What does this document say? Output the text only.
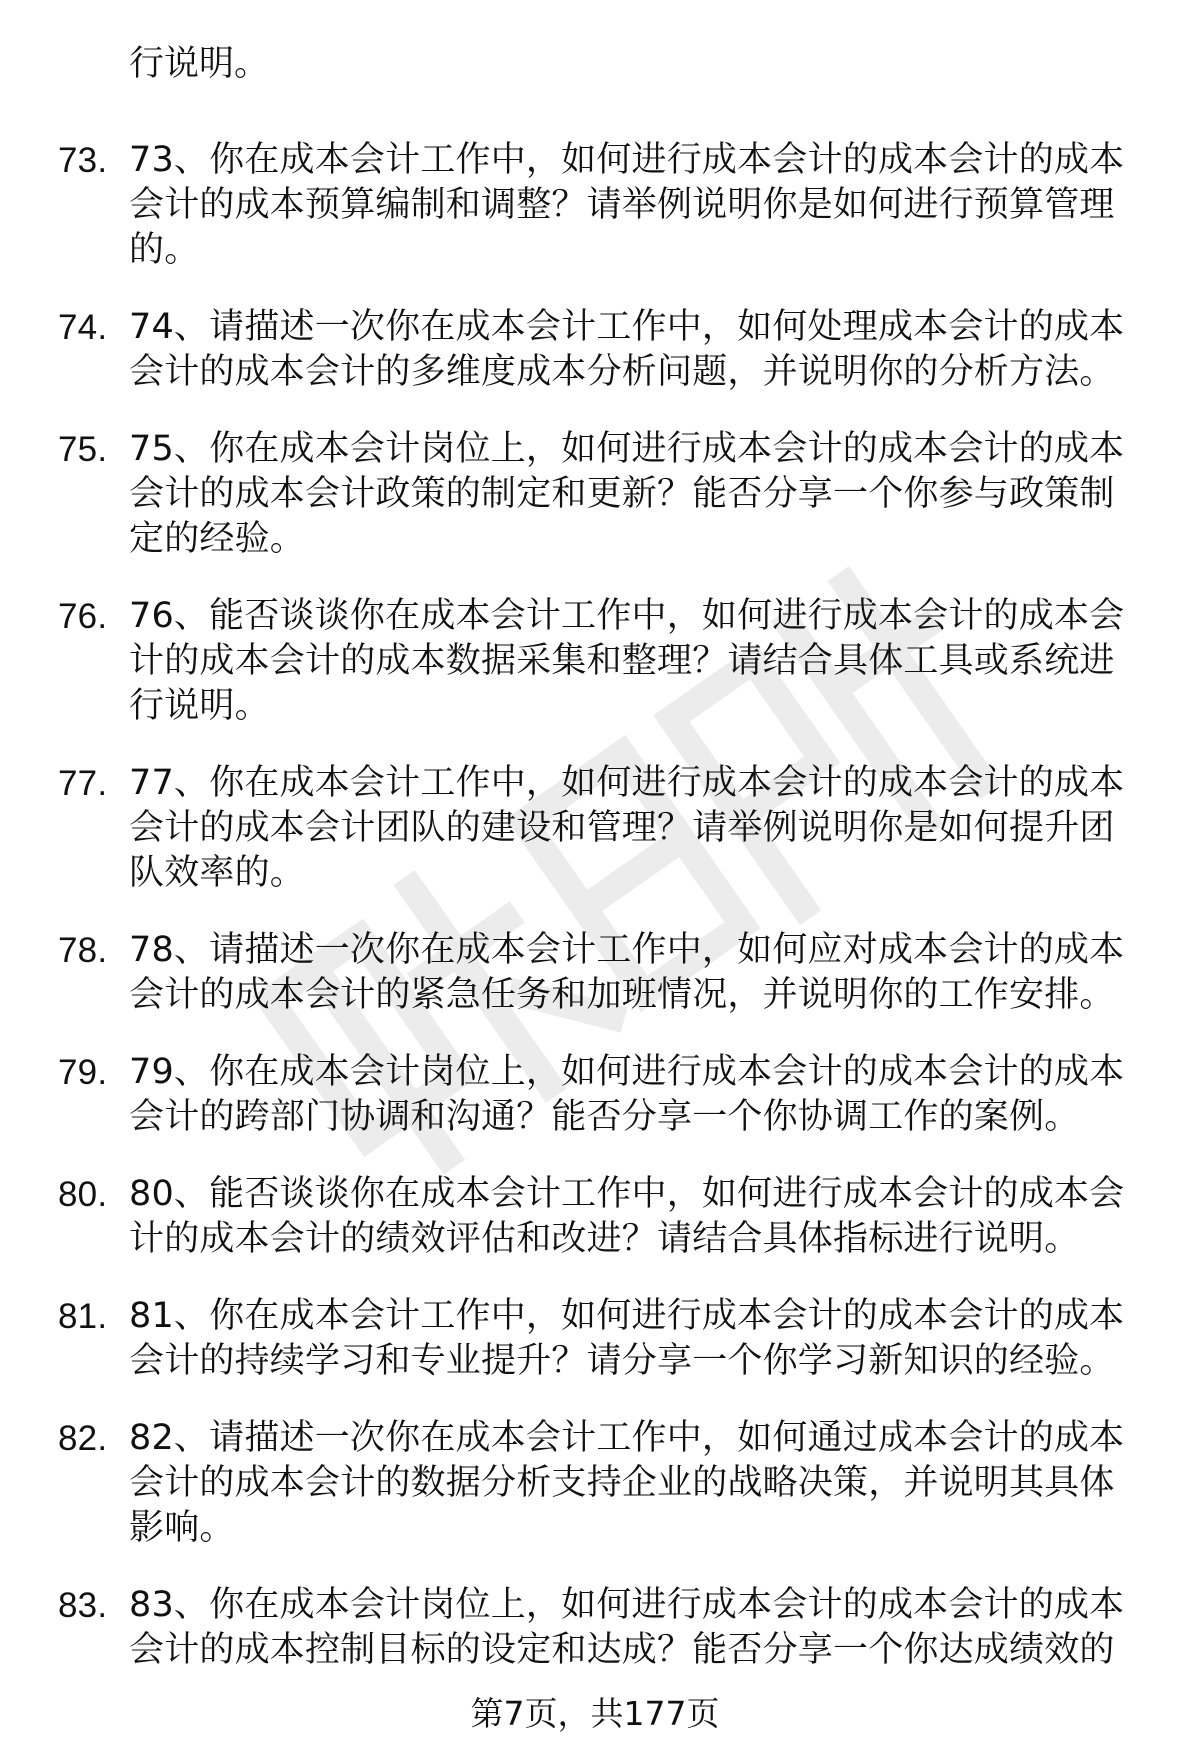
行说明。

73. 73、你在成本会计工作中，如何进行成本会计的成本会计的成本会计的成本预算编制和调整？请举例说明你是如何进行预算管理的。
74. 74、请描述一次你在成本会计工作中，如何处理成本会计的成本会计的成本会计的多维度成本分析问题，并说明你的分析方法。
75. 75、你在成本会计岗位上，如何进行成本会计的成本会计的成本会计的成本会计政策的制定和更新？能否分享一个你参与政策制定的经验。
76. 76、能否谈谈你在成本会计工作中，如何进行成本会计的成本会计的成本会计的成本数据采集和整理？请结合具体工具或系统进行说明。
77. 77、你在成本会计工作中，如何进行成本会计的成本会计的成本会计的成本会计团队的建设和管理？请举例说明你是如何提升团队效率的。
78. 78、请描述一次你在成本会计工作中，如何应对成本会计的成本会计的成本会计的紧急任务和加班情况，并说明你的工作安排。
79. 79、你在成本会计岗位上，如何进行成本会计的成本会计的成本会计的跨部门协调和沟通？能否分享一个你协调工作的案例。
80. 80、能否谈谈你在成本会计工作中，如何进行成本会计的成本会计的成本会计的绩效评估和改进？请结合具体指标进行说明。
81. 81、你在成本会计工作中，如何进行成本会计的成本会计的成本会计的持续学习和专业提升？请分享一个你学习新知识的经验。
82. 82、请描述一次你在成本会计工作中，如何通过成本会计的成本会计的成本会计的数据分析支持企业的战略决策，并说明其具体影响。
83. 83、你在成本会计岗位上，如何进行成本会计的成本会计的成本会计的成本控制目标的设定和达成？能否分享一个你达成绩效的
第7页，共177页
